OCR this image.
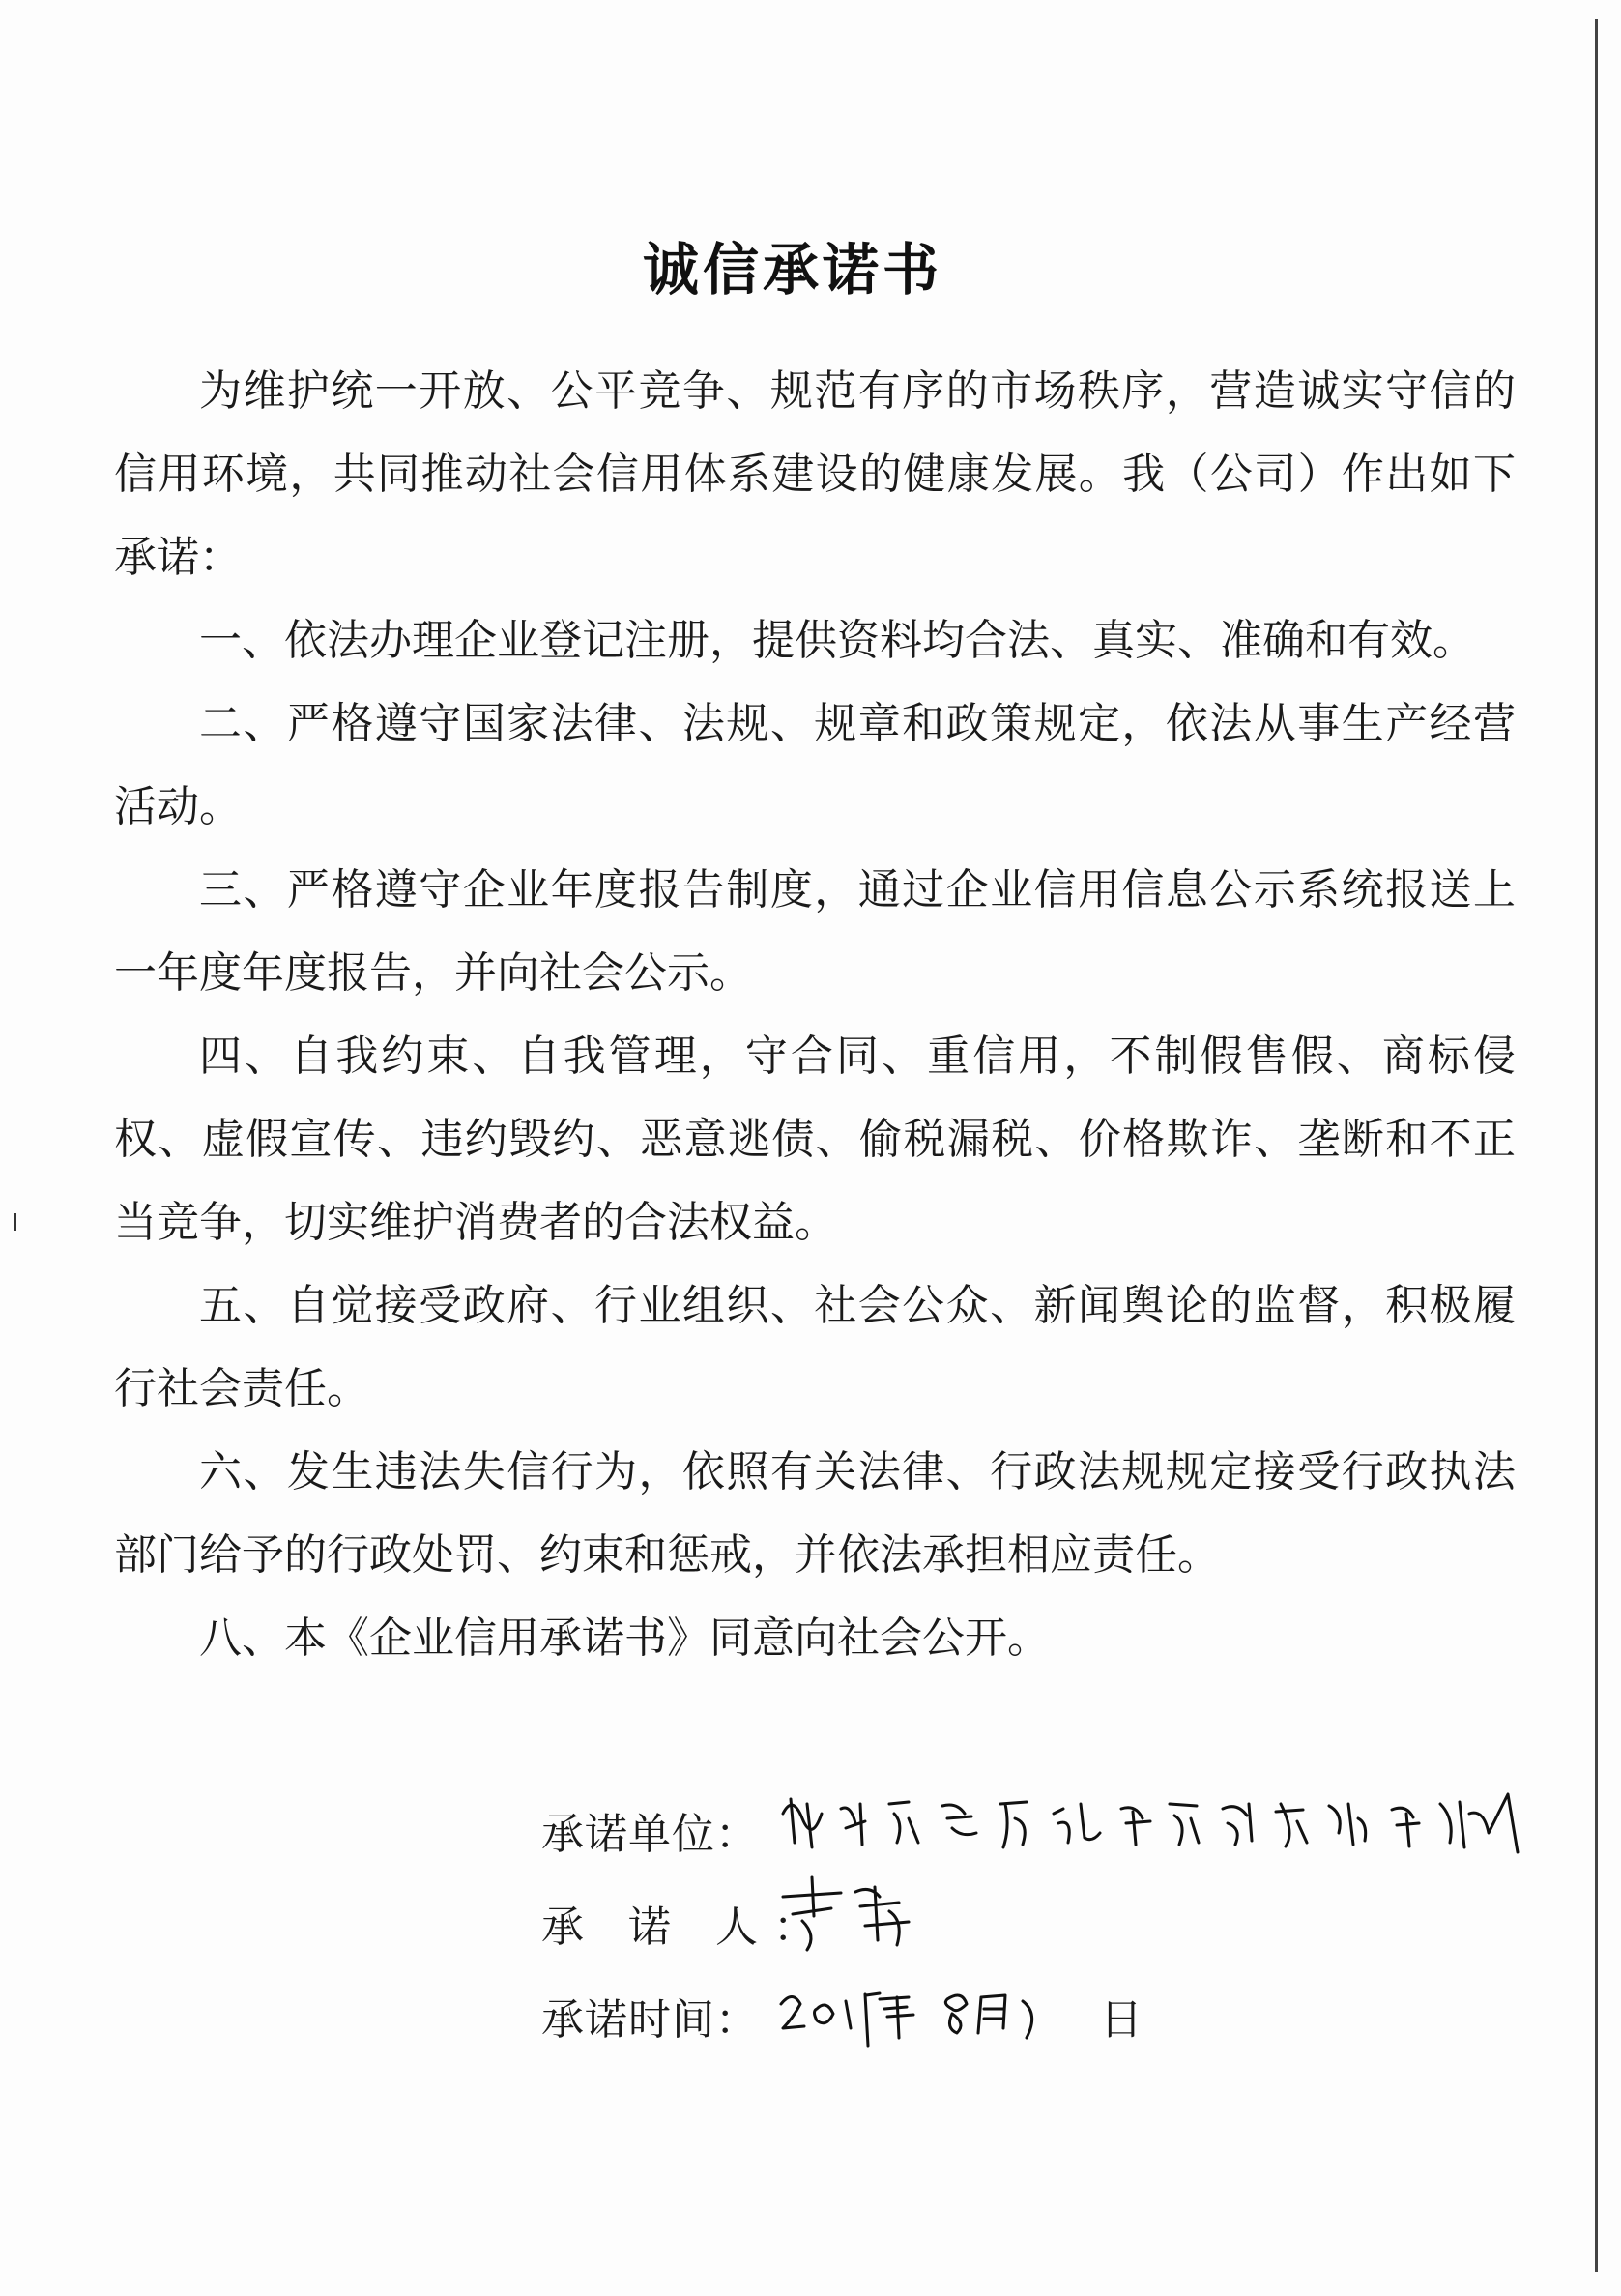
诚信承诺书

为维护统一开放、公平竞争、规范有序的市场秩序，营造诚实守信的信用环境，共同推动社会信用体系建设的健康发展。我（公司）作出如下承诺：

一、依法办理企业登记注册，提供资料均合法、真实、准确和有效。

二、严格遵守国家法律、法规、规章和政策规定，依法从事生产经营活动。

三、严格遵守企业年度报告制度，通过企业信用信息公示系统报送上一年度年度报告，并向社会公示。

四、自我约束、自我管理，守合同、重信用，不制假售假、商标侵权、虚假宣传、违约毁约、恶意逃债、偷税漏税、价格欺诈、垄断和不正当竞争，切实维护消费者的合法权益。

五、自觉接受政府、行业组织、社会公众、新闻舆论的监督，积极履行社会责任。

六、发生违法失信行为，依照有关法律、行政法规规定接受行政执法部门给予的行政处罚、约束和惩戒，并依法承担相应责任。

八、本《企业信用承诺书》同意向社会公开。

承诺单位：
承 诺 人：
承诺时间：	日
